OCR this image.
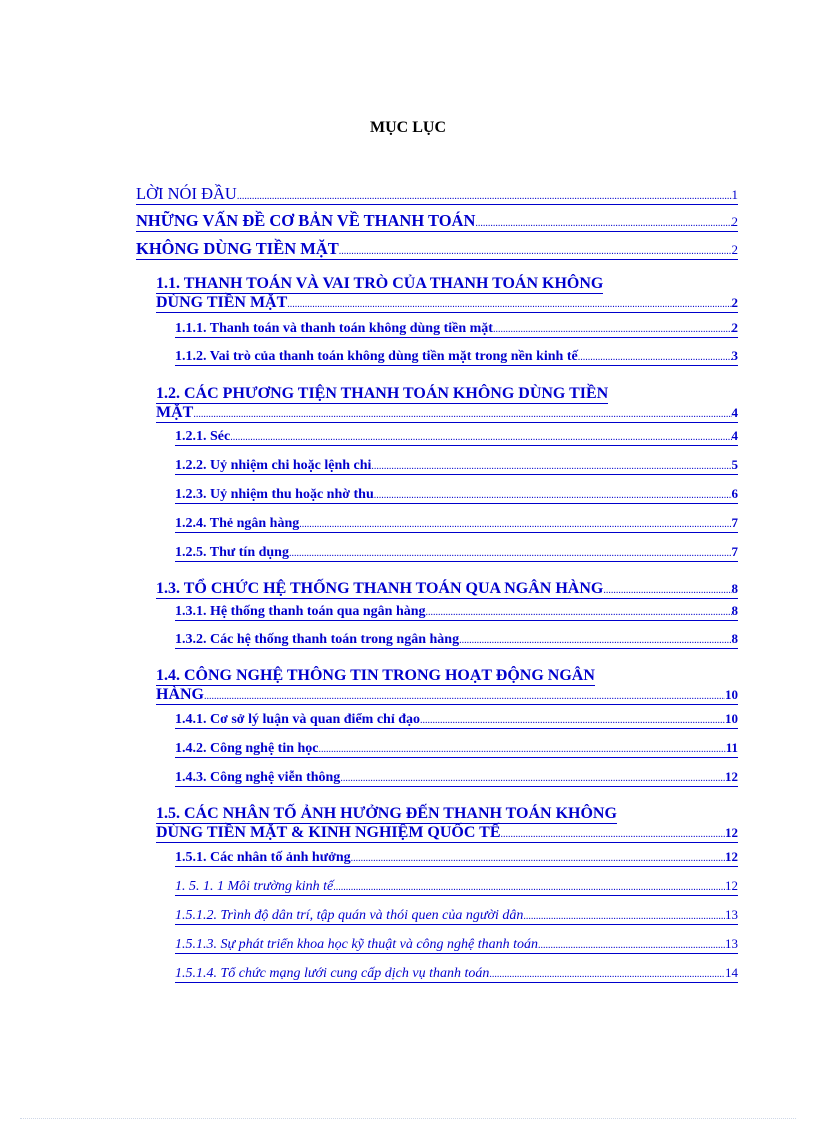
MỤC LỤC
LỜI NÓI ĐẦU .....	1
NHỮNG VẤN ĐỀ CƠ BẢN VỀ THANH TOÁN .....	2
KHÔNG DÙNG TIỀN MẶT .....	2
1.1. THANH TOÁN VÀ VAI TRÒ CỦA THANH TOÁN KHÔNG
DÙNG TIỀN MẶT .....	2
1.1.1. Thanh toán và thanh toán không dùng tiền mặt .....	2
1.1.2. Vai trò của thanh toán không dùng tiền mặt trong nền kinh tế .....	3
1.2. CÁC PHƯƠNG TIỆN THANH TOÁN KHÔNG DÙNG TIỀN
MẶT .....	4
1.2.1. Séc .....	4
1.2.2. Uỷ nhiệm chi hoặc lệnh chi .....	5
1.2.3. Uỷ nhiệm thu hoặc nhờ thu .....	6
1.2.4. Thẻ ngân hàng .....	7
1.2.5. Thư tín dụng .....	7
1.3. TỔ CHỨC HỆ THỐNG THANH TOÁN QUA NGÂN HÀNG .....	8
1.3.1. Hệ thống thanh toán qua ngân hàng .....	8
1.3.2. Các hệ thống thanh toán trong ngân hàng .....	8
1.4. CÔNG NGHỆ THÔNG TIN TRONG HOẠT ĐỘNG NGÂN
HÀNG .....	10
1.4.1. Cơ sở lý luận và quan điểm chỉ đạo .....	10
1.4.2. Công nghệ tin học .....	11
1.4.3. Công nghệ viễn thông .....	12
1.5. CÁC NHÂN TỐ ẢNH HƯỞNG ĐẾN THANH TOÁN KHÔNG
DÙNG TIỀN MẶT & KINH NGHIỆM QUỐC TẾ .....	12
1.5.1. Các nhân tố ảnh hưởng .....	12
1. 5. 1. 1 Môi trường kinh tế .....	12
1.5.1.2. Trình độ dân trí, tập quán và thói quen của người dân .....	13
1.5.1.3. Sự phát triển khoa học kỹ thuật và công nghệ thanh toán .....	13
1.5.1.4. Tổ chức mạng lưới cung cấp dịch vụ thanh toán .....	14
